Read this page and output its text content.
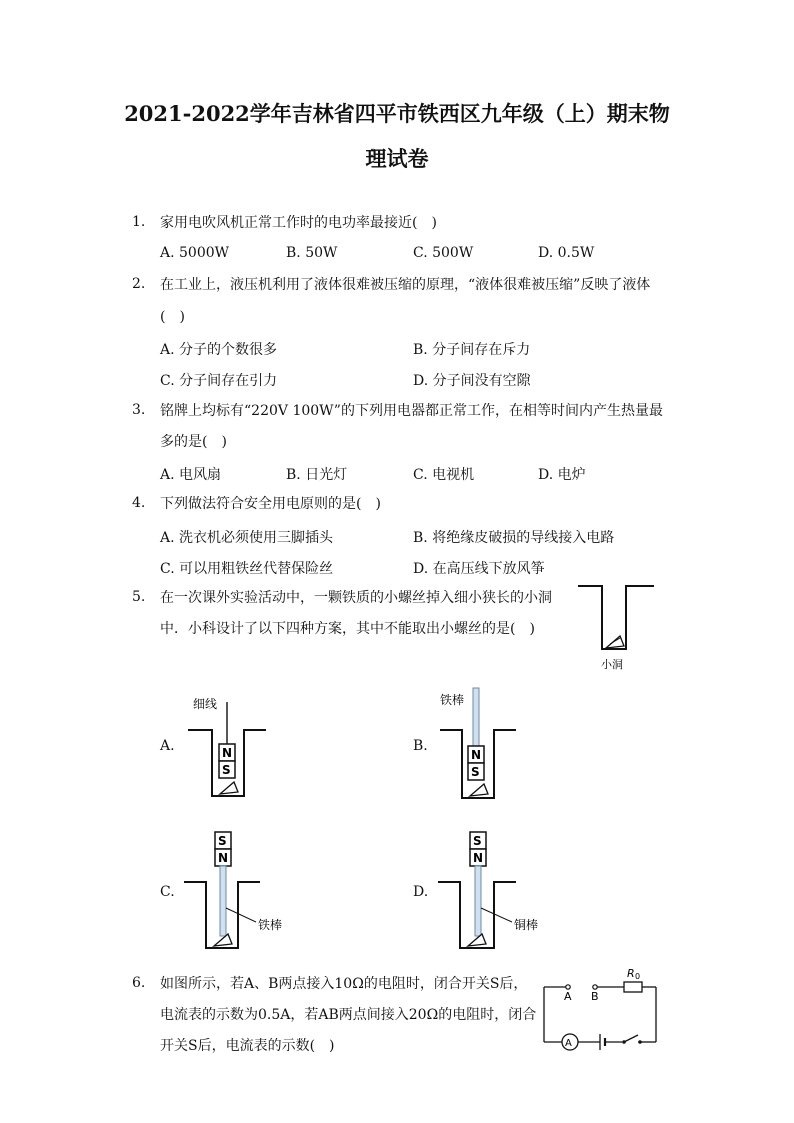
2021-2022学年吉林省四平市铁西区九年级（上）期末物
理试卷
1. 家用电吹风机正常工作时的电功率最接近(　)
A. 5000W	B. 50W	C. 500W	D. 0.5W
2. 在工业上，液压机利用了液体很难被压缩的原理，“液体很难被压缩”反映了液体
(　)
A. 分子的个数很多	B. 分子间存在斥力
C. 分子间存在引力	D. 分子间没有空隙
3. 铭牌上均标有“220V 100W”的下列用电器都正常工作，在相等时间内产生热量最
多的是(　)
A. 电风扇	B. 日光灯	C. 电视机	D. 电炉
4. 下列做法符合安全用电原则的是(　)
A. 洗衣机必须使用三脚插头	B. 将绝缘皮破损的导线接入电路
C. 可以用粗铁丝代替保险丝	D. 在高压线下放风筝
5. 在一次课外实验活动中，一颗铁质的小螺丝掉入细小狭长的小洞
中．小科设计了以下四种方案，其中不能取出小螺丝的是(　)
小洞
A.
细线
N
S
B.
铁棒
N
S
C.
S
N
铁棒
D.
S
N
铜棒
6. 如图所示，若A、B两点接入10Ω的电阻时，闭合开关S后，
电流表的示数为0.5A，若AB两点间接入20Ω的电阻时，闭合
开关S后，电流表的示数(　)
A B
R 0
A
